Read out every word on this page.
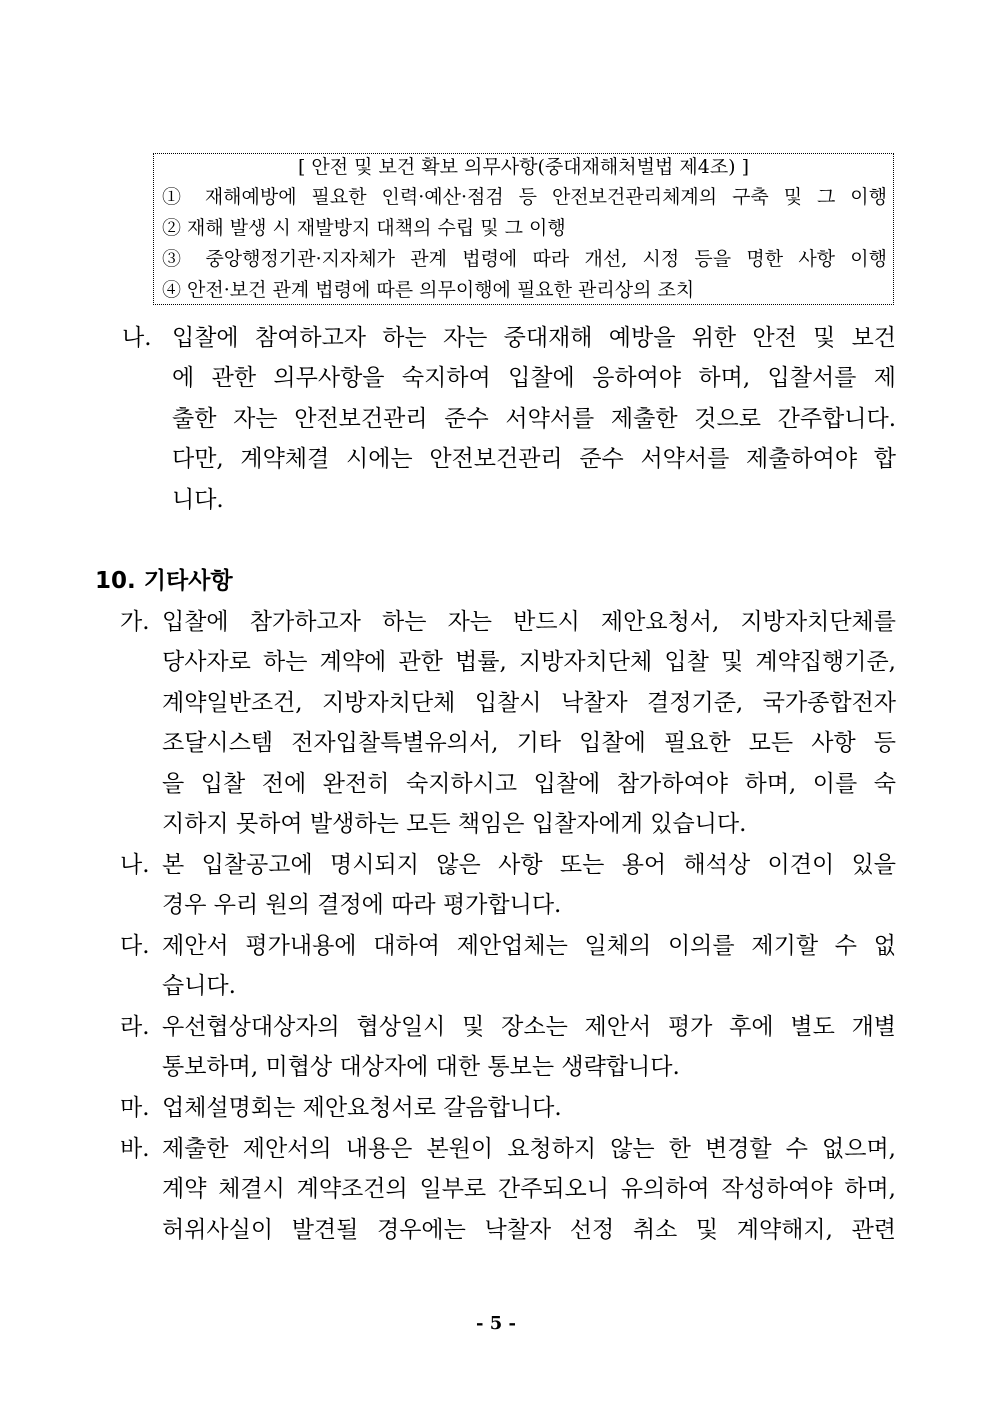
[ 안전 및 보건 확보 의무사항(중대재해처벌법 제4조) ]
① 재해예방에 필요한 인력·예산·점검 등 안전보건관리체계의 구축 및 그 이행
② 재해 발생 시 재발방지 대책의 수립 및 그 이행
③ 중앙행정기관·지자체가 관계 법령에 따라 개선, 시정 등을 명한 사항 이행
④ 안전·보건 관계 법령에 따른 의무이행에 필요한 관리상의 조치
나. 입찰에 참여하고자 하는 자는 중대재해 예방을 위한 안전 및 보건
에 관한 의무사항을 숙지하여 입찰에 응하여야 하며, 입찰서를 제
출한 자는 안전보건관리 준수 서약서를 제출한 것으로 간주합니다.
다만, 계약체결 시에는 안전보건관리 준수 서약서를 제출하여야 합
니다.
10. 기타사항
가. 입찰에 참가하고자 하는 자는 반드시 제안요청서, 지방자치단체를
당사자로 하는 계약에 관한 법률, 지방자치단체 입찰 및 계약집행기준,
계약일반조건, 지방자치단체 입찰시 낙찰자 결정기준, 국가종합전자
조달시스템 전자입찰특별유의서, 기타 입찰에 필요한 모든 사항 등
을 입찰 전에 완전히 숙지하시고 입찰에 참가하여야 하며, 이를 숙
지하지 못하여 발생하는 모든 책임은 입찰자에게 있습니다.
나. 본 입찰공고에 명시되지 않은 사항 또는 용어 해석상 이견이 있을
경우 우리 원의 결정에 따라 평가합니다.
다. 제안서 평가내용에 대하여 제안업체는 일체의 이의를 제기할 수 없
습니다.
라. 우선협상대상자의 협상일시 및 장소는 제안서 평가 후에 별도 개별
통보하며, 미협상 대상자에 대한 통보는 생략합니다.
마. 업체설명회는 제안요청서로 갈음합니다.
바. 제출한 제안서의 내용은 본원이 요청하지 않는 한 변경할 수 없으며,
계약 체결시 계약조건의 일부로 간주되오니 유의하여 작성하여야 하며,
허위사실이 발견될 경우에는 낙찰자 선정 취소 및 계약해지, 관련
- 5 -
